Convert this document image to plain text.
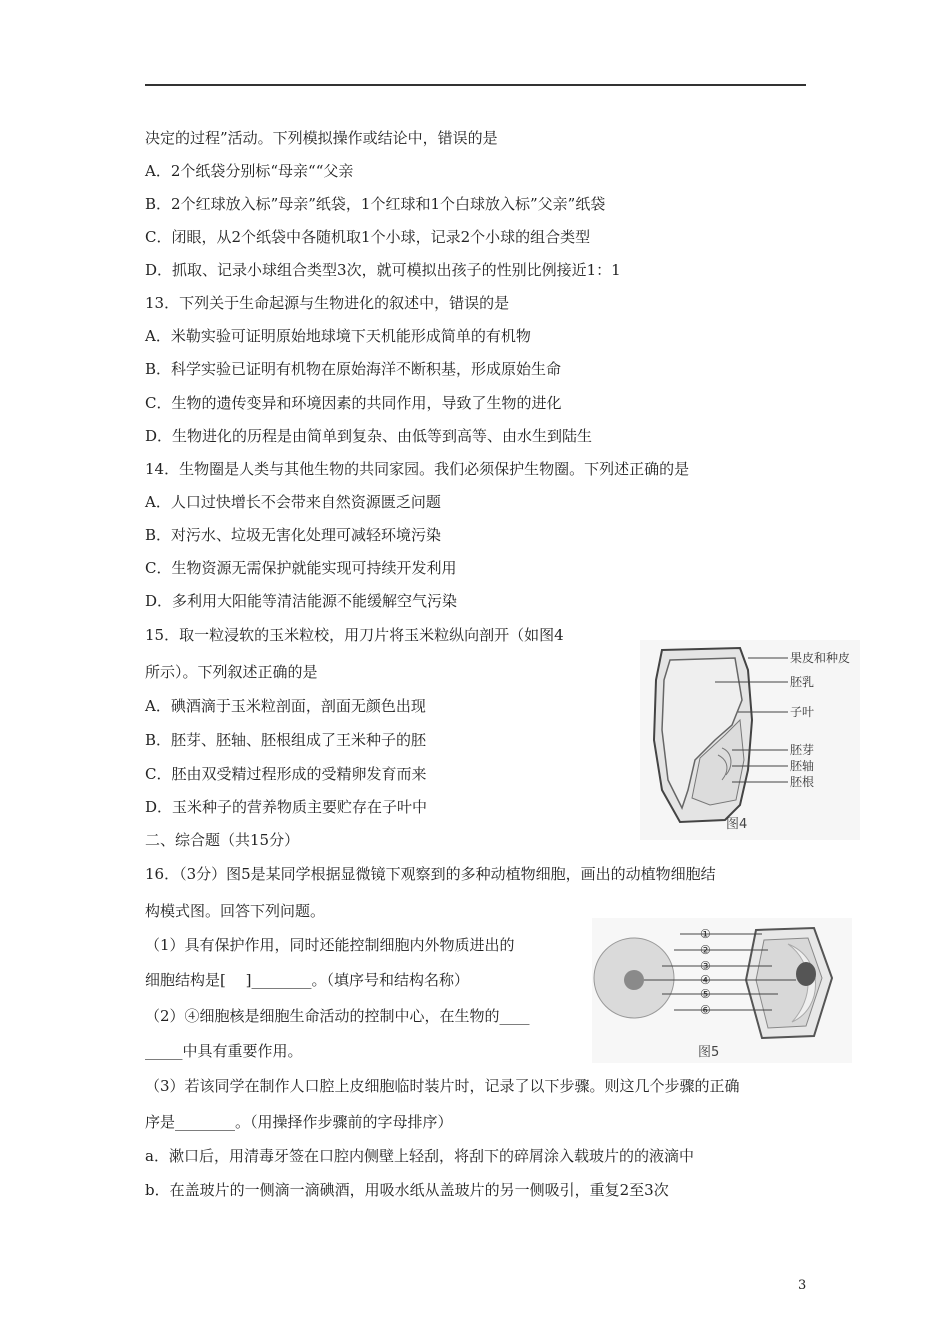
决定的过程”活动。下列模拟操作或结论中，错误的是
A．2个纸袋分别标“母亲““父亲
B．2个红球放入标”母亲”纸袋，1个红球和1个白球放入标”父亲”纸袋
C．闭眼，从2个纸袋中各随机取1个小球，记录2个小球的组合类型
D．抓取、记录小球组合类型3次，就可模拟出孩子的性别比例接近1：1
13．下列关于生命起源与生物进化的叙述中，错误的是
A．米勒实验可证明原始地球境下天机能形成简单的有机物
B．科学实验已证明有机物在原始海洋不断积基，形成原始生命
C．生物的遗传变异和环境因素的共同作用，导致了生物的进化
D．生物进化的历程是由简单到复杂、由低等到高等、由水生到陆生
14．生物圈是人类与其他生物的共同家园。我们必须保护生物圈。下列述正确的是
A．人口过快增长不会带来自然资源匮乏问题
B．对污水、垃圾无害化处理可减轻环境污染
C．生物资源无需保护就能实现可持续开发利用
D．多利用大阳能等清洁能源不能缓解空气污染
15．取一粒浸软的玉米粒校，用刀片将玉米粒纵向剖开（如图4
所示）。下列叙述正确的是
A．碘酒滴于玉米粒剖面，剖面无颜色出现
B．胚芽、胚轴、胚根组成了王米种子的胚
C．胚由双受精过程形成的受精卵发育而来
D．玉米种子的营养物质主要贮存在子叶中
二、综合题（共15分）
16．（3分）图5是某同学根据显微镜下观察到的多种动植物细胞，画出的动植物细胞结
构模式图。回答下列问题。
（1）具有保护作用，同时还能控制细胞内外物质进出的
细胞结构是[　 ]________。（填序号和结构名称）
（2）④细胞核是细胞生命活动的控制中心，在生物的____
_____中具有重要作用。
（3）若该同学在制作人口腔上皮细胞临时装片时，记录了以下步骤。则这几个步骤的正确
序是________。（用操择作步骤前的字母排序）
a．漱口后，用清毒牙签在口腔内侧壁上轻刮，将刮下的碎屑涂入载玻片的的液滴中
b．在盖玻片的一侧滴一滴碘酒，用吸水纸从盖玻片的另一侧吸引，重复2至3次
果皮和种皮
胚乳
子叶
胚芽
胚轴
胚根
图4
①
②
③
④
⑤
⑥
图5
3
